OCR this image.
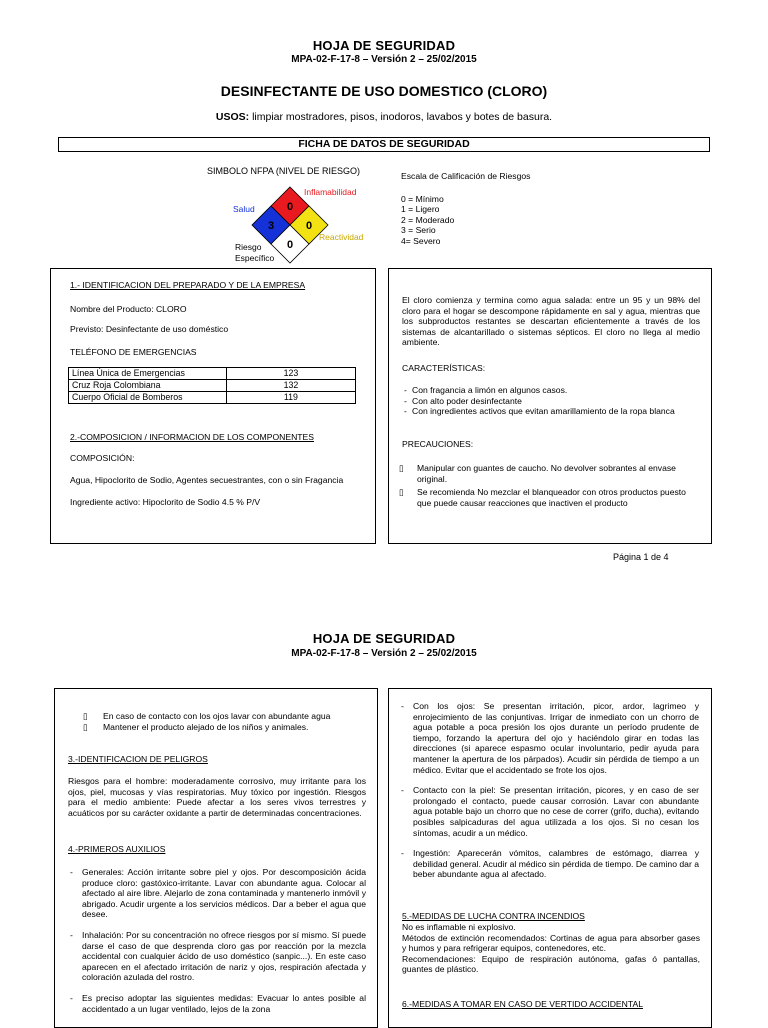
HOJA DE SEGURIDAD
MPA-02-F-17-8 – Versión 2 – 25/02/2015
DESINFECTANTE DE USO DOMESTICO (CLORO)
USOS: limpiar mostradores, pisos, inodoros, lavabos y botes de basura.
FICHA DE DATOS DE SEGURIDAD
SIMBOLO NFPA (NIVEL DE RIESGO)
0
3	0
0
Inflamabilidad
Salud
Reactividad
Riesgo
Específico
Escala de Calificación de Riesgos
0 = Mínimo
1 = Ligero
2 = Moderado
3 = Serio
4= Severo
1.- IDENTIFICACION DEL PREPARADO Y DE LA EMPRESA
Nombre del Producto: CLORO
Previsto: Desinfectante de uso doméstico
TELÉFONO DE EMERGENCIAS
Línea Única de Emergencias	123
Cruz Roja Colombiana	132
Cuerpo Oficial de Bomberos	119
2.-COMPOSICION / INFORMACION DE LOS COMPONENTES
COMPOSICIÓN:
Agua, Hipoclorito de Sodio, Agentes secuestrantes, con o sin Fragancia
Ingrediente activo: Hipoclorito de Sodio 4.5 % P/V
El cloro comienza y termina como agua salada: entre un 95 y un 98% del cloro para el hogar se descompone rápidamente en sal y agua, mientras que los subproductos restantes se descartan eficientemente a través de los sistemas de alcantarillado o sistemas sépticos. El cloro no llega al medio ambiente.
CARACTERÍSTICAS:
- Con fragancia a limón en algunos casos.
- Con alto poder desinfectante
- Con ingredientes activos que evitan amarillamiento de la ropa blanca
PRECAUCIONES:
▯ Manipular con guantes de caucho. No devolver sobrantes al envase original.
▯ Se recomienda No mezclar el blanqueador con otros productos puesto que puede causar reacciones que inactiven el producto
Página 1 de 4
HOJA DE SEGURIDAD
MPA-02-F-17-8 – Versión 2 – 25/02/2015
▯ En caso de contacto con los ojos lavar con abundante agua
▯ Mantener el producto alejado de los niños y animales.
3.-IDENTIFICACION DE PELIGROS
Riesgos para el hombre: moderadamente corrosivo, muy irritante para los ojos, piel, mucosas y vías respiratorias. Muy tóxico por ingestión. Riesgos para el medio ambiente: Puede afectar a los seres vivos terrestres y acuáticos por su carácter oxidante a partir de determinadas concentraciones.
4.-PRIMEROS AUXILIOS
- Generales: Acción irritante sobre piel y ojos. Por descomposición ácida produce cloro: gastóxico-irritante. Lavar con abundante agua. Colocar al afectado al aire libre. Alejarlo de zona contaminada y mantenerlo inmóvil y abrigado. Acudir urgente a los servicios médicos. Dar a beber el agua que desee.
- Inhalación: Por su concentración no ofrece riesgos por sí mismo. Sí puede darse el caso de que desprenda cloro gas por reacción por la mezcla accidental con cualquier ácido de uso doméstico (sanpic...). En este caso aparecen en el afectado irritación de nariz y ojos, respiración afectada y coloración azulada del rostro.
- Es preciso adoptar las siguientes medidas: Evacuar lo antes posible al accidentado a un lugar ventilado, lejos de la zona
- Con los ojos: Se presentan irritación, picor, ardor, lagrimeo y enrojecimiento de las conjuntivas. Irrigar de inmediato con un chorro de agua potable a poca presión los ojos durante un período prudente de tiempo, forzando la apertura del ojo y haciéndolo girar en todas las direcciones (si aparece espasmo ocular involuntario, pedir ayuda para mantener la apertura de los párpados). Acudir sin pérdida de tiempo a un médico. Evitar que el accidentado se frote los ojos.
- Contacto con la piel: Se presentan irritación, picores, y en caso de ser prolongado el contacto, puede causar corrosión. Lavar con abundante agua potable bajo un chorro que no cese de correr (grifo, ducha), evitando posibles salpicaduras del agua utilizada a los ojos. Si no cesan los síntomas, acudir a un médico.
- Ingestión: Aparecerán vómitos, calambres de estómago, diarrea y debilidad general. Acudir al médico sin pérdida de tiempo. De camino dar a beber abundante agua al afectado.
5.-MEDIDAS DE LUCHA CONTRA INCENDIOS

No es inflamable ni explosivo.

Métodos de extinción recomendados: Cortinas de agua para absorber gases y humos y para refrigerar equipos, contenedores, etc.

Recomendaciones: Equipo de respiración autónoma, gafas ó pantallas, guantes de plástico.

6.-MEDIDAS A TOMAR EN CASO DE VERTIDO ACCIDENTAL
